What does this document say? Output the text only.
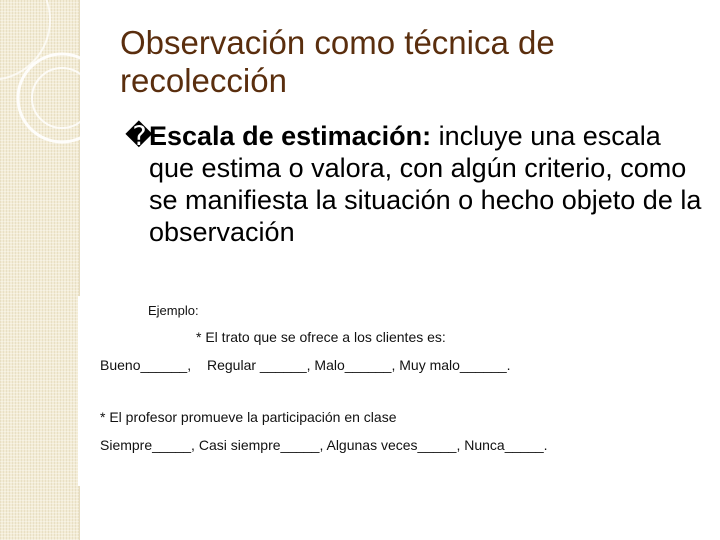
Observación como técnica de recolección
�

Escala de estimación: incluye una escala que estima o valora, con algún criterio, como se manifiesta la situación o hecho objeto de la observación

Ejemplo:
* El trato que se ofrece a los clientes es:
Bueno______, Regular ______, Malo______, Muy malo______.
* El profesor promueve la participación en clase
Siempre_____, Casi siempre_____, Algunas veces_____, Nunca_____.
